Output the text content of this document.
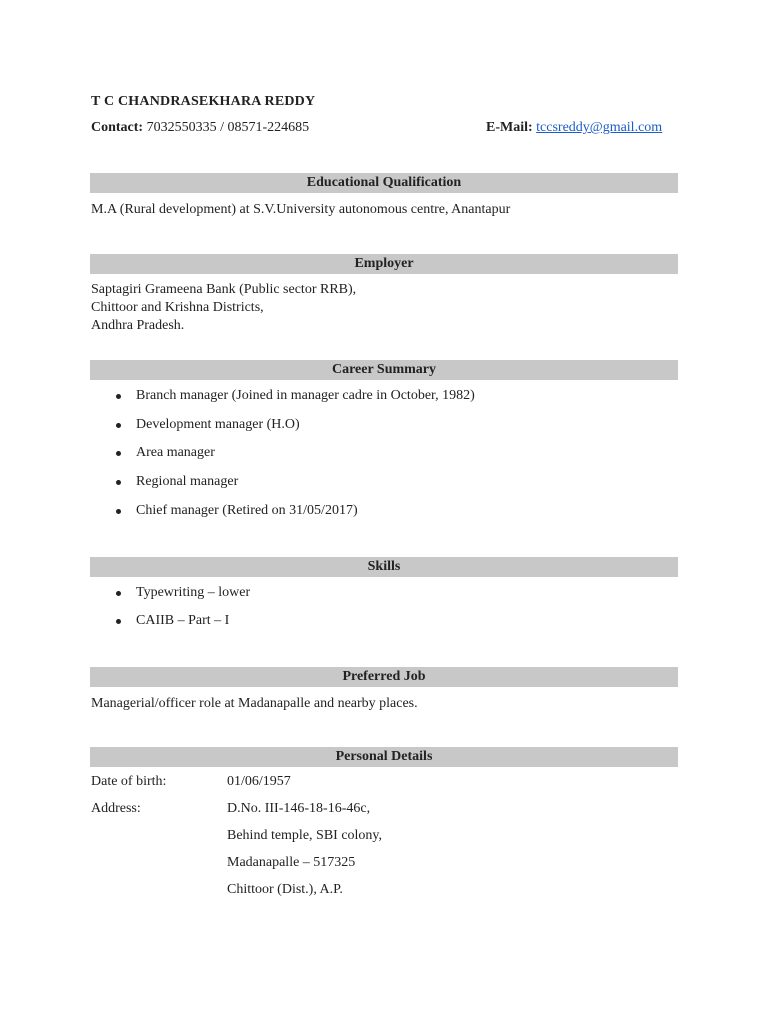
T C CHANDRASEKHARA REDDY
Contact: 7032550335 / 08571-224685	E-Mail: tccsreddy@gmail.com
Educational Qualification
M.A (Rural development) at S.V.University autonomous centre, Anantapur
Employer
Saptagiri Grameena Bank (Public sector RRB),
Chittoor and Krishna Districts,
Andhra Pradesh.
Career Summary
Branch manager (Joined in manager cadre in October, 1982)
Development manager (H.O)
Area manager
Regional manager
Chief manager (Retired on 31/05/2017)
Skills
Typewriting – lower
CAIIB – Part – I
Preferred Job
Managerial/officer role at Madanapalle and nearby places.
Personal Details
Date of birth:	01/06/1957
Address:	D.No. III-146-18-16-46c,
Behind temple, SBI colony,
Madanapalle – 517325
Chittoor (Dist.), A.P.
